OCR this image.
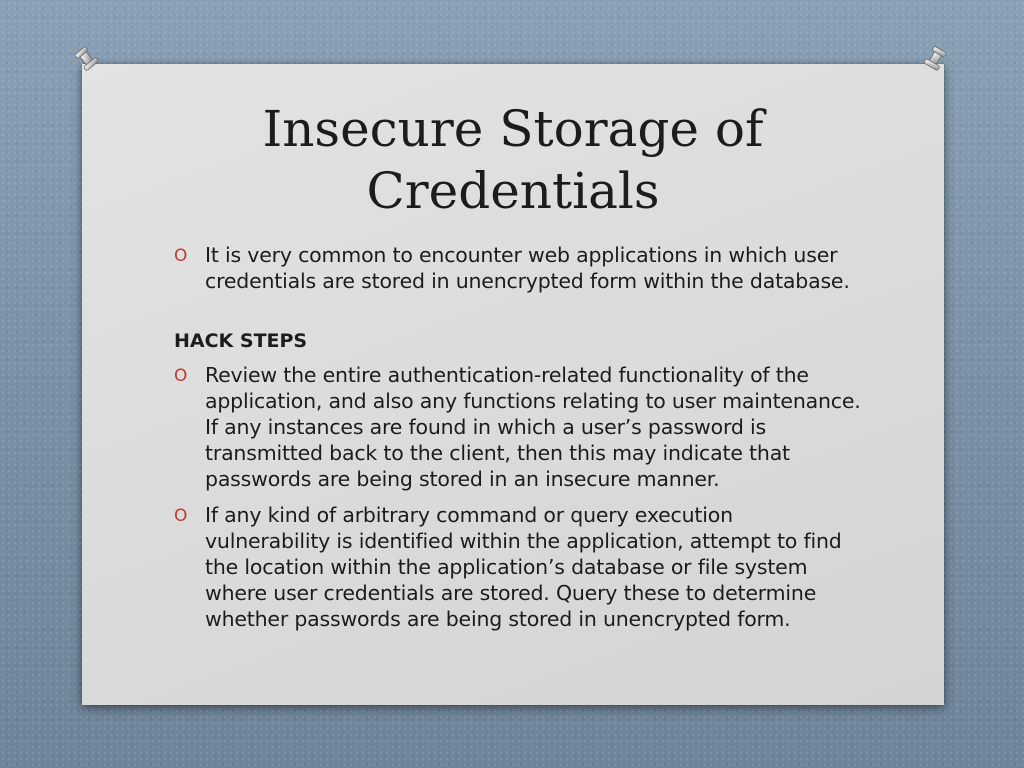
Insecure Storage of
Credentials
O It is very common to encounter web applications in which user credentials are stored in unencrypted form within the database.
HACK STEPS
O Review the entire authentication-related functionality of the application, and also any functions relating to user maintenance. If any instances are found in which a user’s password is transmitted back to the client, then this may indicate that passwords are being stored in an insecure manner.
O If any kind of arbitrary command or query execution vulnerability is identified within the application, attempt to find the location within the application’s database or file system where user credentials are stored. Query these to determine whether passwords are being stored in unencrypted form.
